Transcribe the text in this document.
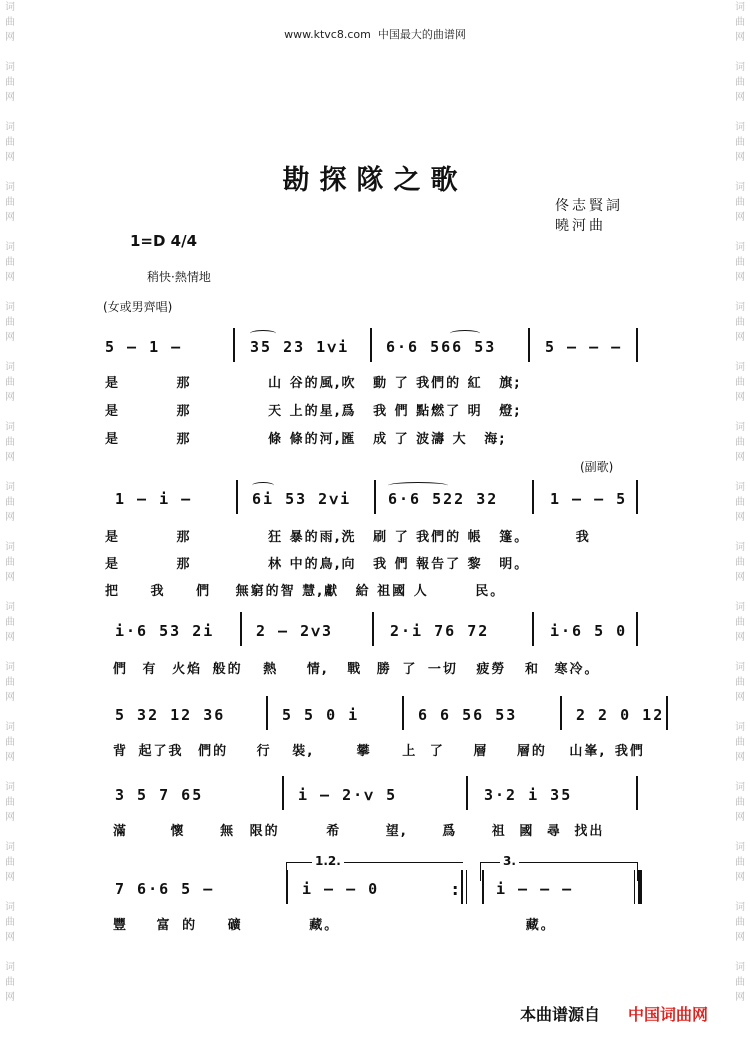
词
曲
网
词
曲
网
词
曲
网
词
曲
网
词
曲
网
词
曲
网
词
曲
网
词
曲
网
词
曲
网
词
曲
网
词
曲
网
词
曲
网
词
曲
网
词
曲
网
词
曲
网
词
曲
网
词
曲
网
词
曲
网
词
曲
网
词
曲
网
词
曲
网
词
曲
网
词
曲
网
词
曲
网
词
曲
网
词
曲
网
词
曲
网
词
曲
网
词
曲
网
词
曲
网
词
曲
网
词
曲
网
词
曲
网
词
曲
网
www.ktvc8.com 中国最大的曲谱网
勘探隊之歌
佟志賢詞
曉河曲
1=D 4/4
稍快·熱情地
(女或男齊唱)
(副歌)
5 — 1 —	35 23 1ⅴi 6·6 566 53	5 — — —
是	那	山 谷的風,吹 動 了 我們的 紅 旗;
是	那	天 上的星,爲 我 們 點燃了 明 燈;
是	那	條 條的河,匯 成 了 波濤 大 海;
1 — i —	6i 53 2ⅴi 6·6 522 32	1 — — 5
是	那	狂 暴的雨,洗 刷 了 我們的 帳 篷。	我
是	那	林 中的鳥,向 我 們 報告了 黎 明。
把 我 們 無窮的智 慧,獻 給 祖國 人	民。
i·6 53 2i	2 — 2ⅴ3	2·i 76 72	i·6 5 0
們 有 火焰 般的 熱 情, 戰 勝 了 一切 疲勞 和 寒冷。
5 32 12 36	5 5 0 i	6 6 56 53	2 2 0 12
背 起了我 們的 行 裝,	攀 上 了 層 層的 山峯, 我們
3 5 7 65	i — 2·ⅴ 5	3·2 i 35
滿	懷	無 限的	希	望,	爲	祖 國 尋 找出
1.2.	3.
7 6·6 5 —	i — — 0	:	i — — —
豐 富 的 礦	藏。	藏。
本曲谱源自 中国词曲网
